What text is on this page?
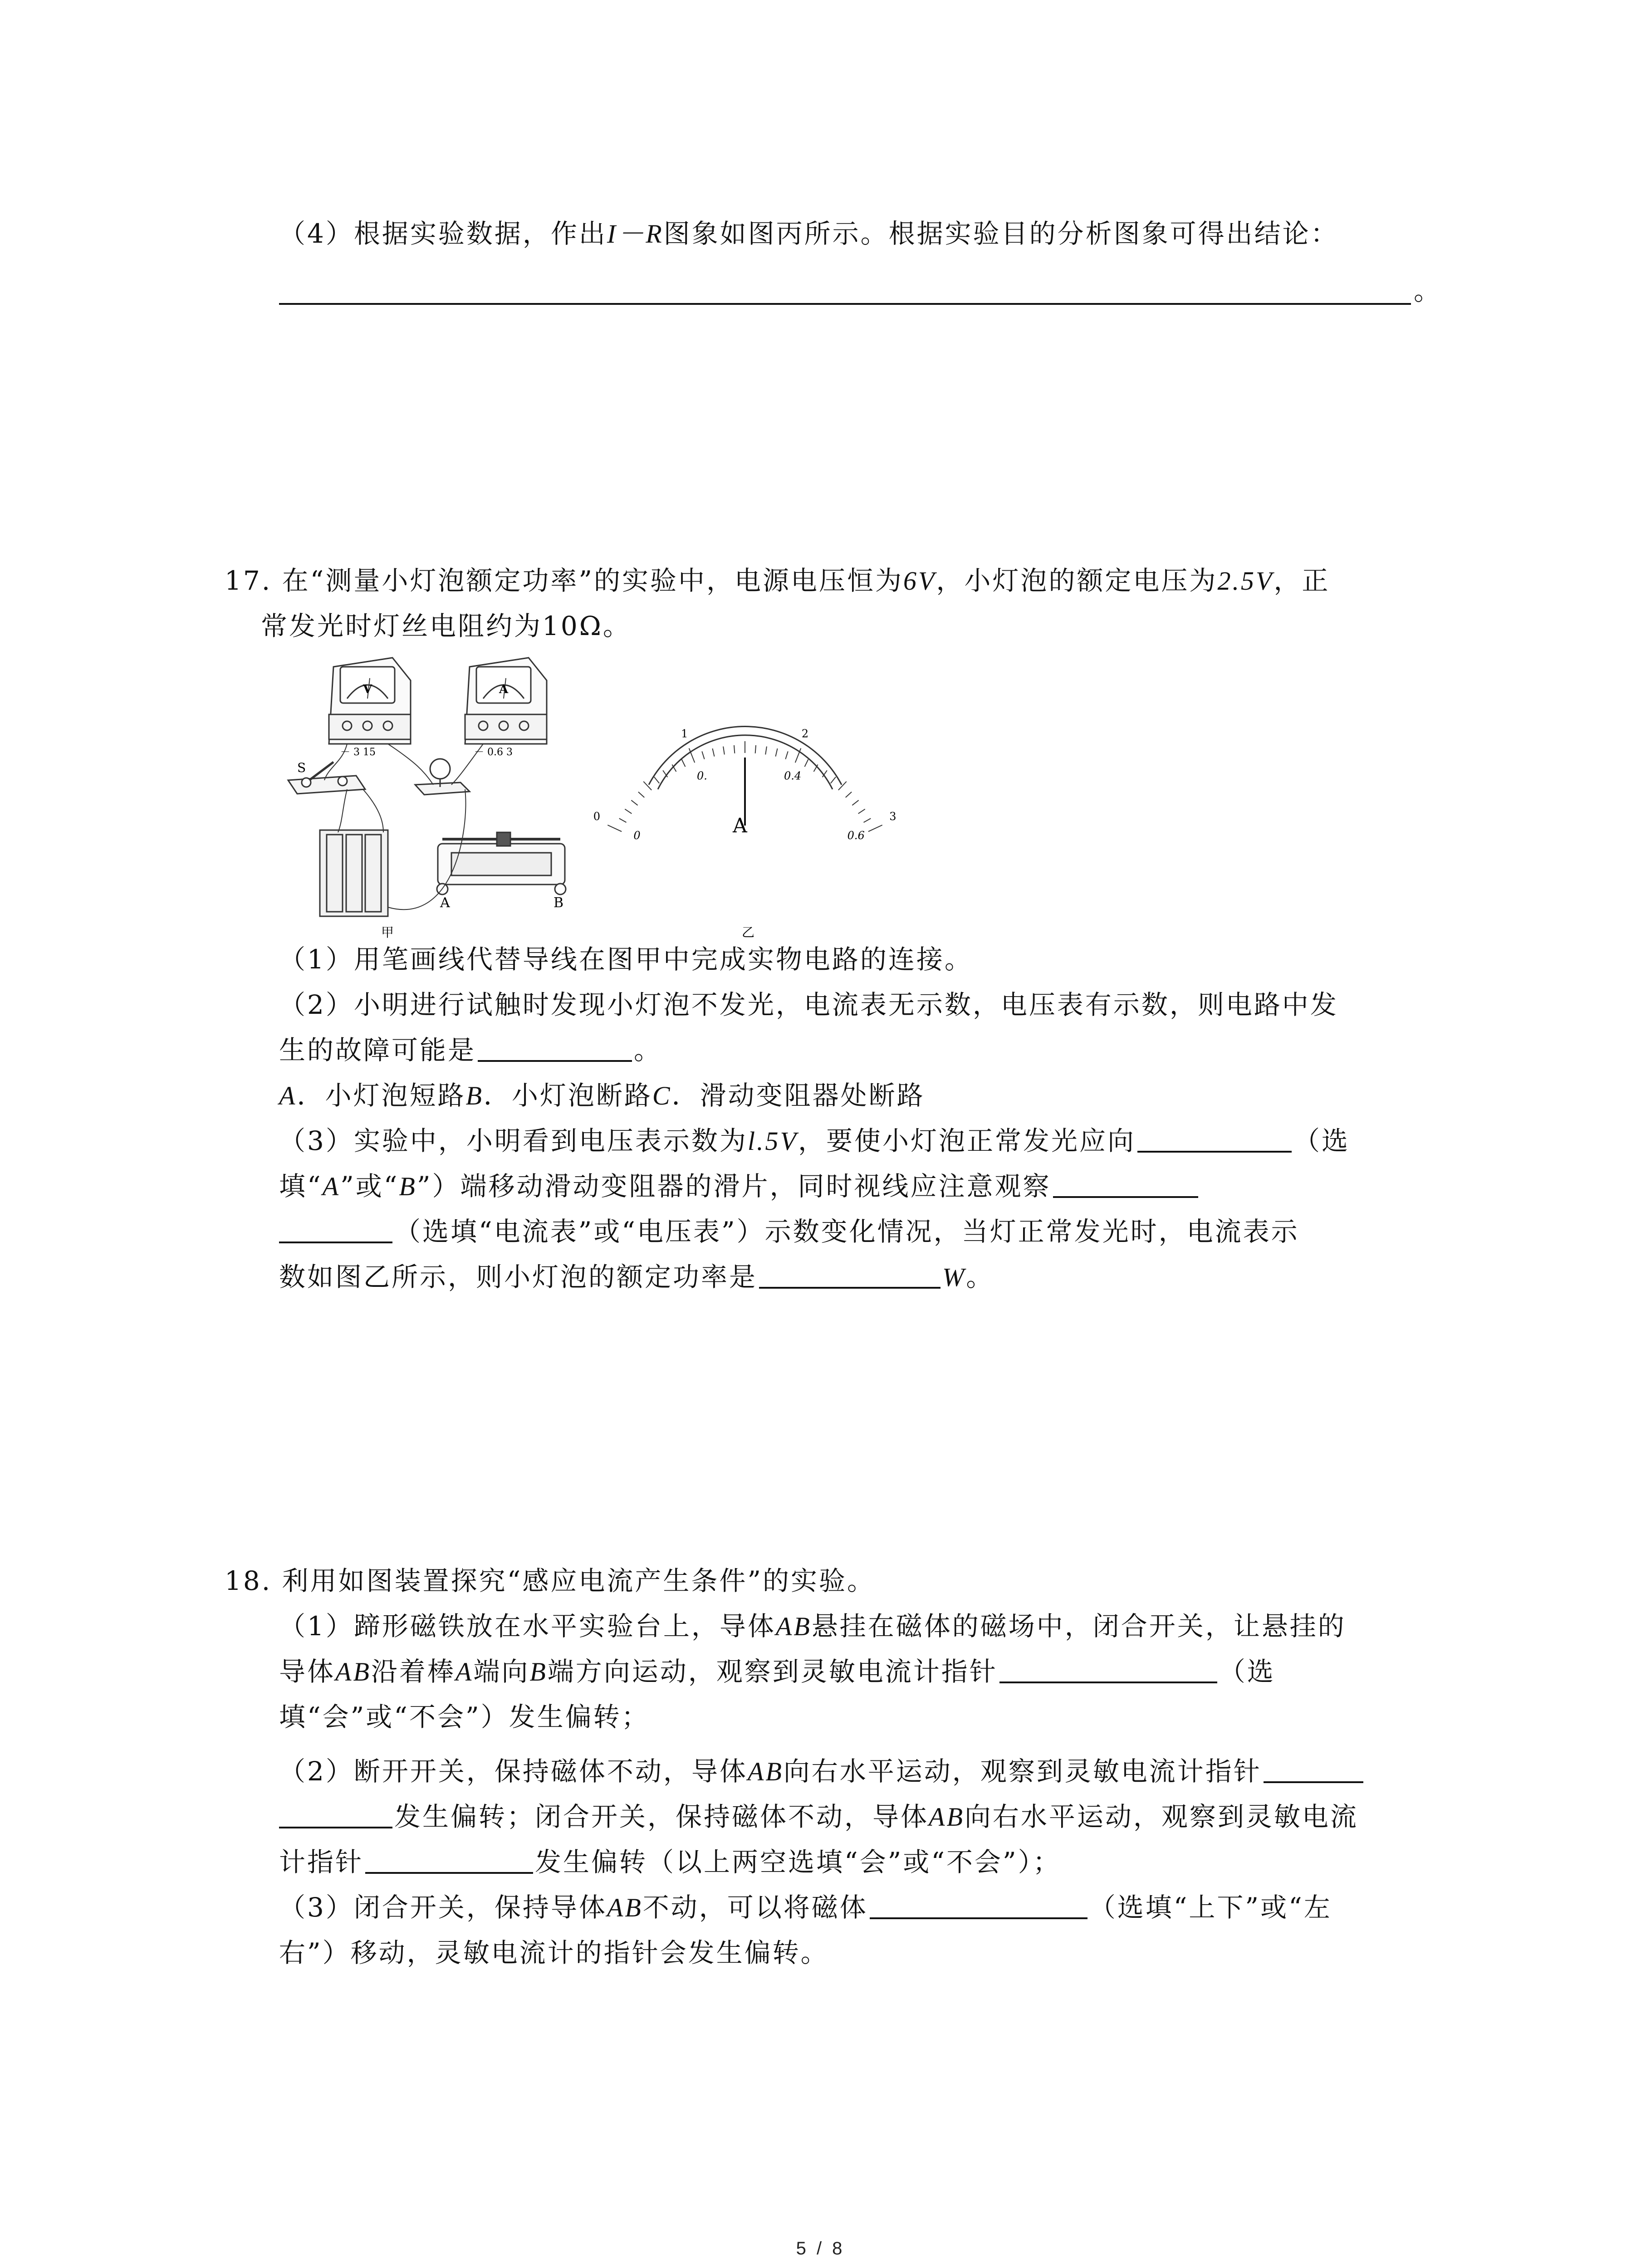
（4）根据实验数据，作出I－R图象如图丙所示。根据实验目的分析图象可得出结论：
。
17. 在“测量小灯泡额定功率”的实验中，电源电压恒为6V，小灯泡的额定电压为2.5V，正
常发光时灯丝电阻约为10Ω。
S
V	A
－ 3 15	－ 0.6 3
A	B
甲	乙
A
0
1	2
3
0
0.	0.4
0.6
（1）用笔画线代替导线在图甲中完成实物电路的连接。
（2）小明进行试触时发现小灯泡不发光，电流表无示数，电压表有示数，则电路中发
生的故障可能是	。
A．小灯泡短路B．小灯泡断路C．滑动变阻器处断路
（3）实验中，小明看到电压表示数为l.5V，要使小灯泡正常发光应向	（选
填“A”或“B”）端移动滑动变阻器的滑片，同时视线应注意观察
（选填“电流表”或“电压表”）示数变化情况，当灯正常发光时，电流表示
数如图乙所示，则小灯泡的额定功率是	W。
18. 利用如图装置探究“感应电流产生条件”的实验。
（1）蹄形磁铁放在水平实验台上，导体AB悬挂在磁体的磁场中，闭合开关，让悬挂的
导体AB沿着棒A端向B端方向运动，观察到灵敏电流计指针	（选
填“会”或“不会”）发生偏转；
（2）断开开关，保持磁体不动，导体AB向右水平运动，观察到灵敏电流计指针
发生偏转；闭合开关，保持磁体不动，导体AB向右水平运动，观察到灵敏电流
计指针	发生偏转（以上两空选填“会”或“不会”）；
（3）闭合开关，保持导体AB不动，可以将磁体	（选填“上下”或“左
右”）移动，灵敏电流计的指针会发生偏转。
5 / 8
